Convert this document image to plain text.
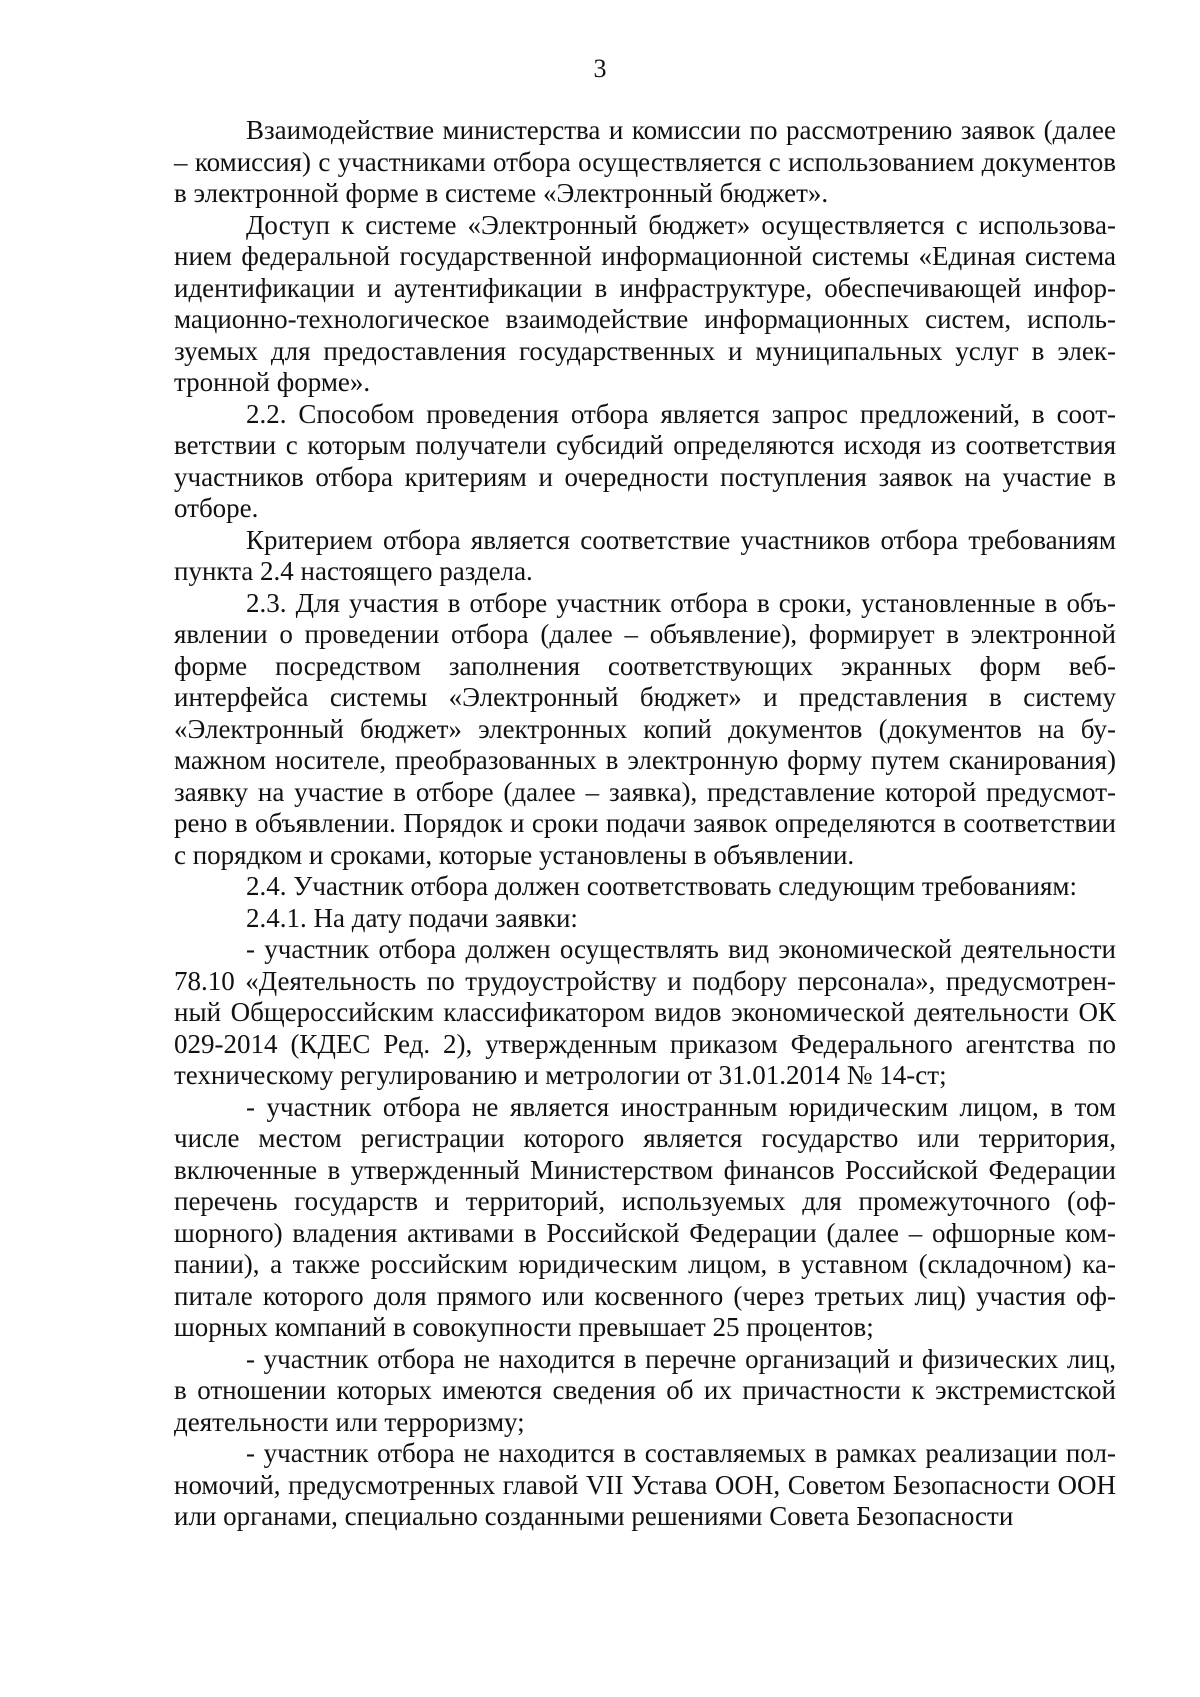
3

Взаимодействие министерства и комиссии по рассмотрению заявок (далее – комиссия) с участниками отбора осуществляется с использованием документов в электронной форме в системе «Электронный бюджет».

Доступ к системе «Электронный бюджет» осуществляется с использованием федеральной государственной информационной системы «Единая система идентификации и аутентификации в инфраструктуре, обеспечивающей информационно-технологическое взаимодействие информационных систем, используемых для предоставления государственных и муниципальных услуг в электронной форме».

2.2. Способом проведения отбора является запрос предложений, в соответствии с которым получатели субсидий определяются исходя из соответствия участников отбора критериям и очередности поступления заявок на участие в отборе.

Критерием отбора является соответствие участников отбора требованиям пункта 2.4 настоящего раздела.

2.3. Для участия в отборе участник отбора в сроки, установленные в объявлении о проведении отбора (далее – объявление), формирует в электронной форме посредством заполнения соответствующих экранных форм веб-интерфейса системы «Электронный бюджет» и представления в систему «Электронный бюджет» электронных копий документов (документов на бумажном носителе, преобразованных в электронную форму путем сканирования) заявку на участие в отборе (далее – заявка), представление которой предусмотрено в объявлении. Порядок и сроки подачи заявок определяются в соответствии с порядком и сроками, которые установлены в объявлении.

2.4. Участник отбора должен соответствовать следующим требованиям:

2.4.1. На дату подачи заявки:

- участник отбора должен осуществлять вид экономической деятельности 78.10 «Деятельность по трудоустройству и подбору персонала», предусмотренный Общероссийским классификатором видов экономической деятельности ОК 029-2014 (КДЕС Ред. 2), утвержденным приказом Федерального агентства по техническому регулированию и метрологии от 31.01.2014 № 14-ст;

- участник отбора не является иностранным юридическим лицом, в том числе местом регистрации которого является государство или территория, включенные в утвержденный Министерством финансов Российской Федерации перечень государств и территорий, используемых для промежуточного (офшорного) владения активами в Российской Федерации (далее – офшорные компании), а также российским юридическим лицом, в уставном (складочном) капитале которого доля прямого или косвенного (через третьих лиц) участия офшорных компаний в совокупности превышает 25 процентов;

- участник отбора не находится в перечне организаций и физических лиц, в отношении которых имеются сведения об их причастности к экстремистской деятельности или терроризму;

- участник отбора не находится в составляемых в рамках реализации полномочий, предусмотренных главой VII Устава ООН, Советом Безопасности ООН или органами, специально созданными решениями Совета Безопасности
